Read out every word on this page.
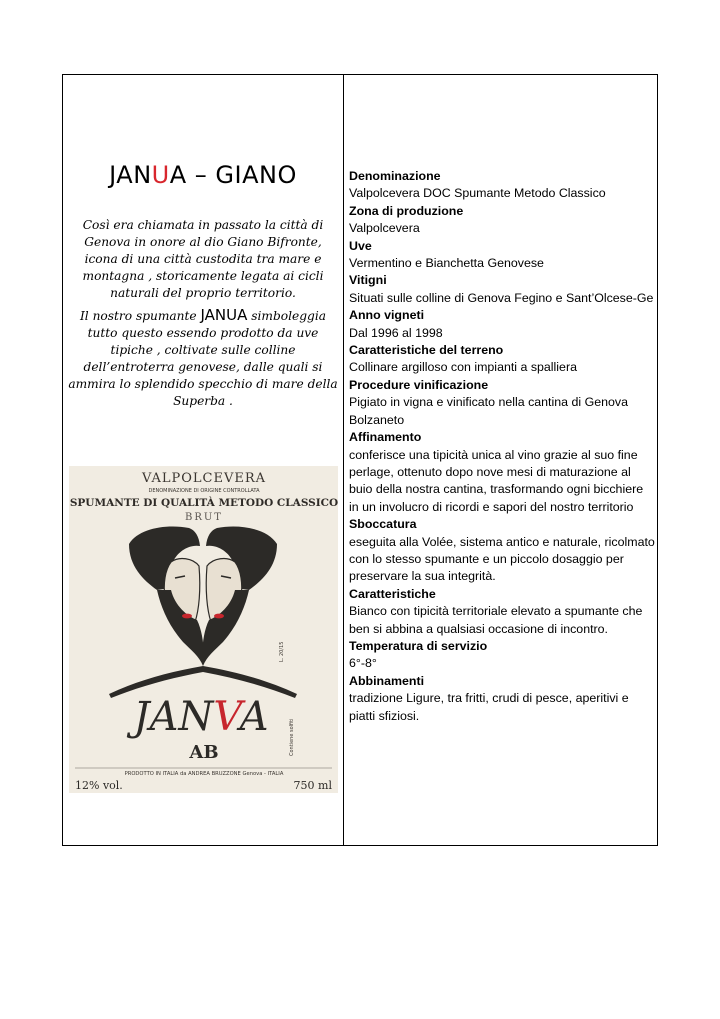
JANUA – GIANO

Così era chiamata in passato la città di Genova in onore al dio Giano Bifronte, icona di una città custodita tra mare e montagna , storicamente legata ai cicli naturali del proprio territorio.

Il nostro spumante JANUA simboleggia tutto questo essendo prodotto da uve tipiche , coltivate sulle colline dell’entroterra genovese, dalle quali si ammira lo splendido specchio di mare della Superba .

VALPOLCEVERA
DENOMINAZIONE DI ORIGINE CONTROLLATA
SPUMANTE DI QUALITÀ METODO CLASSICO
BRUT
JANVA
AB
L. 20/15
Contiene solfiti
PRODOTTO IN ITALIA da ANDREA BRUZZONE Genova - ITALIA
12% vol.	750 ml
Denominazione

Valpolcevera DOC Spumante Metodo Classico

Zona di produzione

Valpolcevera

Uve

Vermentino e Bianchetta Genovese

Vitigni

Situati sulle colline di Genova Fegino e Sant’Olcese-Ge

Anno vigneti

Dal 1996 al 1998

Caratteristiche del terreno

Collinare argilloso con impianti a spalliera

Procedure vinificazione

Pigiato in vigna e vinificato nella cantina di Genova Bolzaneto

Affinamento

conferisce una tipicità unica al vino grazie al suo fine perlage, ottenuto dopo nove mesi di maturazione al buio della nostra cantina, trasformando ogni bicchiere in un involucro di ricordi e sapori del nostro territorio

Sboccatura

eseguita alla Volée, sistema antico e naturale, ricolmato con lo stesso spumante e un piccolo dosaggio per preservare la sua integrità.

Caratteristiche

Bianco con tipicità territoriale elevato a spumante che ben si abbina a qualsiasi occasione di incontro.

Temperatura di servizio

6°-8°

Abbinamenti

tradizione Ligure, tra fritti, crudi di pesce, aperitivi e piatti sfiziosi.
